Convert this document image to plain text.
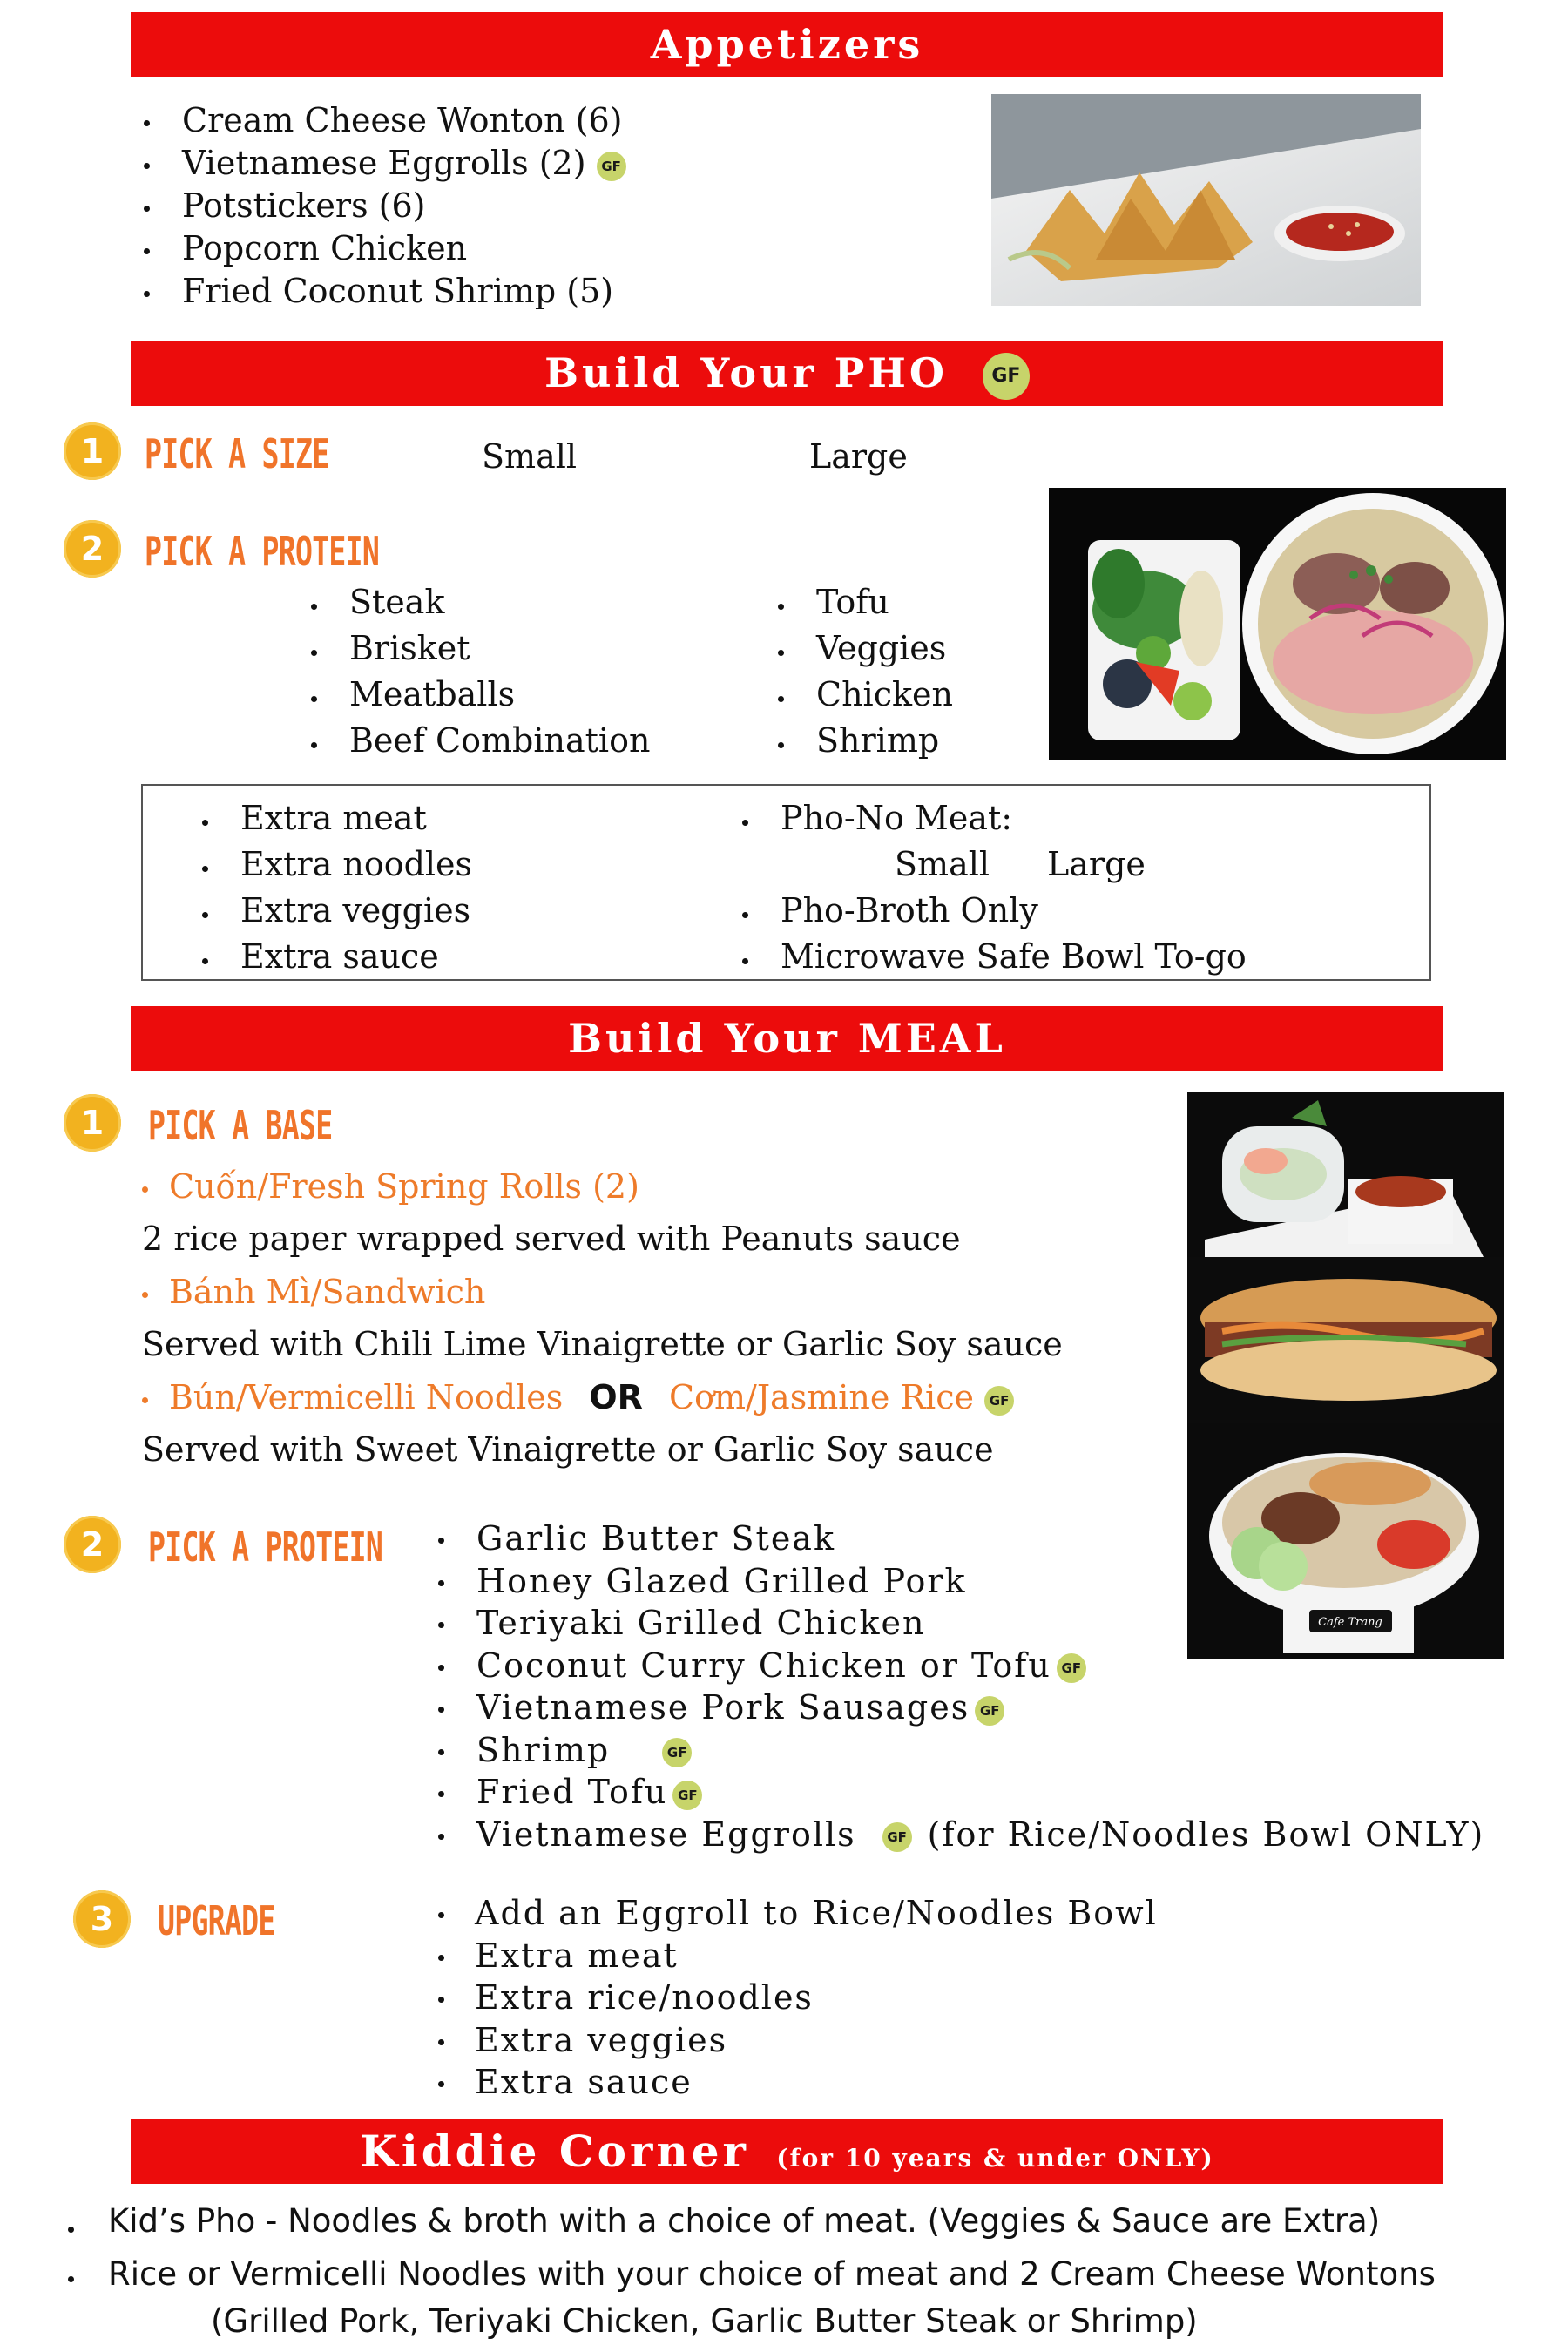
Appetizers
Cream Cheese Wonton (6)
Vietnamese Eggrolls (2) GF
Potstickers (6)
Popcorn Chicken
Fried Coconut Shrimp (5)
Build Your PHO GF
1	PICK A SIZE	Small	Large
2	PICK A PROTEIN
Steak
Brisket
Meatballs
Beef Combination
Tofu
Veggies
Chicken
Shrimp
Extra meat
Extra noodles
Extra veggies
Extra sauce
Pho-No Meat:
Small Large
Pho-Broth Only
Microwave Safe Bowl To-go
Build Your MEAL
1	PICK A BASE
Cuốn/Fresh Spring Rolls (2)
2 rice paper wrapped served with Peanuts sauce
Bánh Mì/Sandwich
Served with Chili Lime Vinaigrette or Garlic Soy sauce
Bún/Vermicelli Noodles OR Cơm/Jasmine Rice GF
Served with Sweet Vinaigrette or Garlic Soy sauce
Cafe Trang
2	PICK A PROTEIN	Garlic Butter Steak
Honey Glazed Grilled Pork
Teriyaki Grilled Chicken
Coconut Curry Chicken or Tofu GF
Vietnamese Pork Sausages GF
Shrimp	GF
Fried Tofu GF
Vietnamese Eggrolls GF (for Rice/Noodles Bowl ONLY)
3	UPGRADE	Add an Eggroll to Rice/Noodles Bowl
Extra meat
Extra rice/noodles
Extra veggies
Extra sauce
Kiddie Corner (for 10 years & under ONLY)
Kid’s Pho - Noodles & broth with a choice of meat. (Veggies & Sauce are Extra)
Rice or Vermicelli Noodles with your choice of meat and 2 Cream Cheese Wontons
(Grilled Pork, Teriyaki Chicken, Garlic Butter Steak or Shrimp)
